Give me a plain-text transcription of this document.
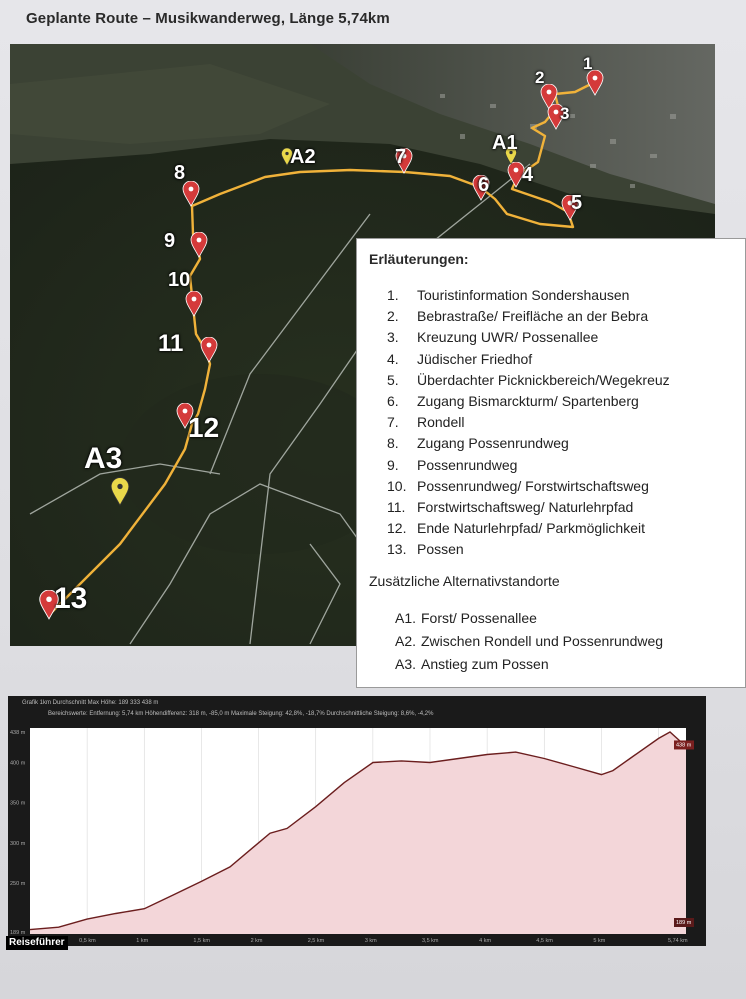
Geplante Route – Musikwanderweg, Länge 5,74km
1
2
3
4
5
6
7
8
9
10
11
12
13
A1
A2
A3
Erläuterungen:
1. Touristinformation Sondershausen
2. Bebrastraße/ Freifläche an der Bebra
3. Kreuzung UWR/ Possenallee
4. Jüdischer Friedhof
5. Überdachter Picknickbereich/Wegekreuz
6. Zugang Bismarckturm/ Spartenberg
7. Rondell
8. Zugang Possenrundweg
9. Possenrundweg
10. Possenrundweg/ Forstwirtschaftsweg
11. Forstwirtschaftsweg/ Naturlehrpfad
12. Ende Naturlehrpfad/ Parkmöglichkeit
13. Possen
Zusätzliche Alternativstandorte
A1. Forst/ Possenallee
A2. Zwischen Rondell und Possenrundweg
A3. Anstieg zum Possen
Grafik 1km Durchschnitt Max Höhe: 189 333 438 m
Bereichswerte: Entfernung: 5,74 km Höhendifferenz: 318 m, -85,0 m Maximale Steigung: 42,8%, -18,7% Durchschnittliche Steigung: 8,6%, -4,2%
189 m
250 m
300 m
350 m
400 m
438 m
0,5 km	1 km	1,5 km	2 km	2,5 km	3 km	3,5 km	4 km	4,5 km	5 km	5,74 km
438 m
189 m
Reiseführer
